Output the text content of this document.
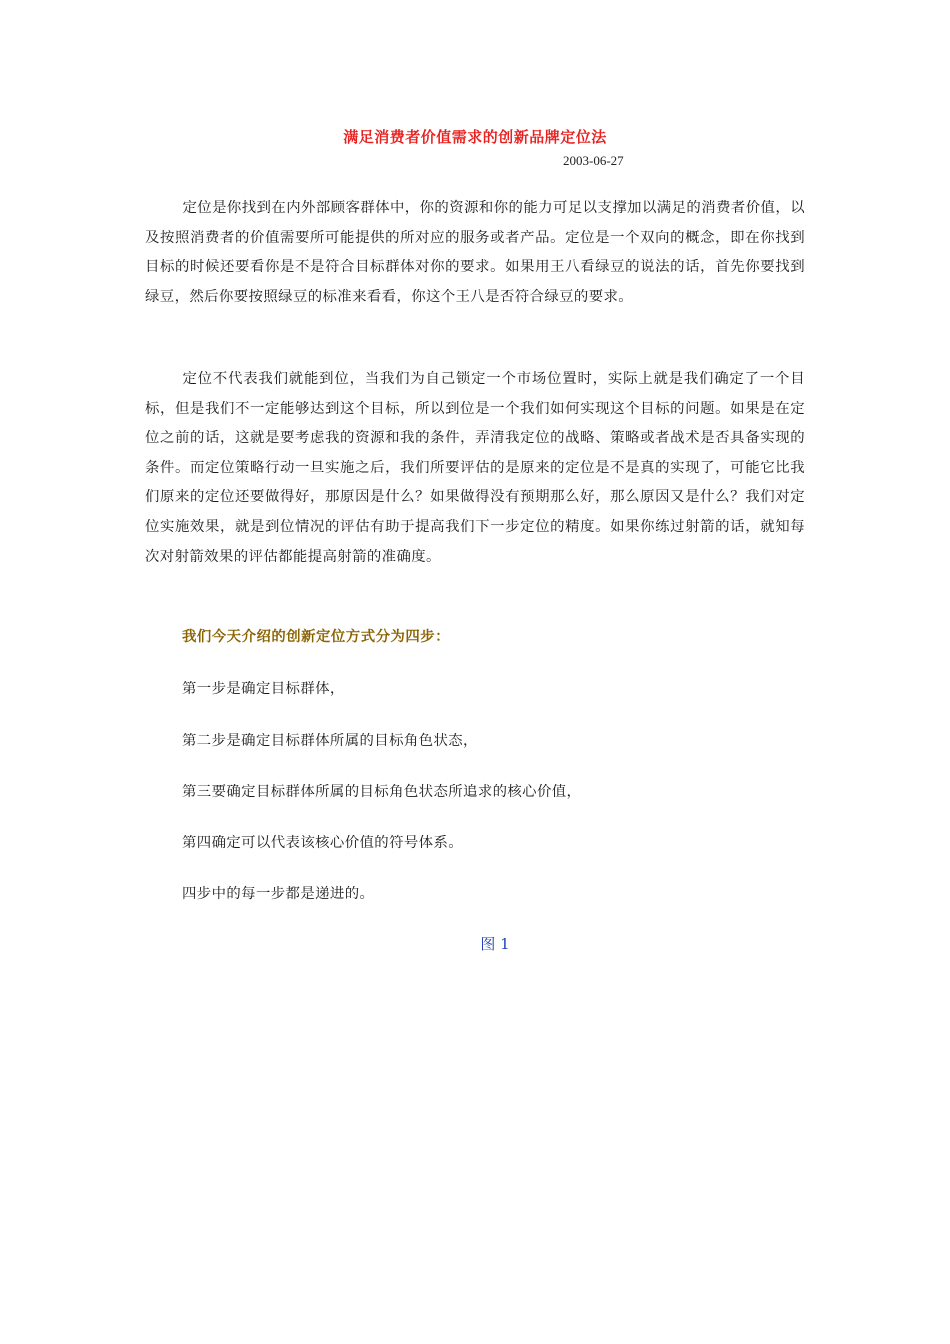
满足消费者价值需求的创新品牌定位法
2003-06-27

定位是你找到在内外部顾客群体中，你的资源和你的能力可足以支撑加以满足的消费者价值，以及按照消费者的价值需要所可能提供的所对应的服务或者产品。定位是一个双向的概念，即在你找到目标的时候还要看你是不是符合目标群体对你的要求。如果用王八看绿豆的说法的话，首先你要找到绿豆，然后你要按照绿豆的标准来看看，你这个王八是否符合绿豆的要求。

定位不代表我们就能到位，当我们为自己锁定一个市场位置时，实际上就是我们确定了一个目标，但是我们不一定能够达到这个目标，所以到位是一个我们如何实现这个目标的问题。如果是在定位之前的话，这就是要考虑我的资源和我的条件，弄清我定位的战略、策略或者战术是否具备实现的条件。而定位策略行动一旦实施之后，我们所要评估的是原来的定位是不是真的实现了，可能它比我们原来的定位还要做得好，那原因是什么？如果做得没有预期那么好，那么原因又是什么？我们对定位实施效果，就是到位情况的评估有助于提高我们下一步定位的精度。如果你练过射箭的话，就知每次对射箭效果的评估都能提高射箭的准确度。

我们今天介绍的创新定位方式分为四步：
第一步是确定目标群体，
第二步是确定目标群体所属的目标角色状态，
第三要确定目标群体所属的目标角色状态所追求的核心价值，
第四确定可以代表该核心价值的符号体系。
四步中的每一步都是递进的。
图 1
